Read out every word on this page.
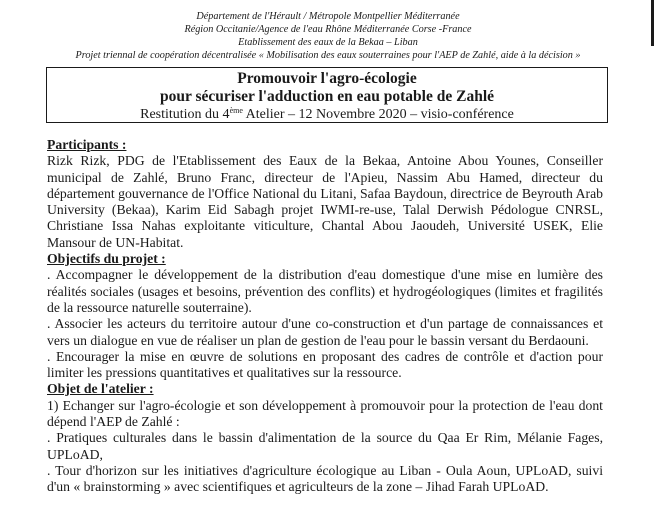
Département de l'Hérault / Métropole Montpellier Méditerranée
Région Occitanie/Agence de l'eau Rhône Méditerranée Corse -France
Etablissement des eaux de la Bekaa – Liban
Projet triennal de coopération décentralisée « Mobilisation des eaux souterraines pour l'AEP de Zahlé, aide à la décision »
Promouvoir l'agro-écologie
pour sécuriser l'adduction en eau potable de Zahlé
Restitution du 4ème Atelier – 12 Novembre 2020 – visio-conférence
Participants :
Rizk Rizk, PDG de l'Etablissement des Eaux de la Bekaa, Antoine Abou Younes, Conseiller municipal de Zahlé, Bruno Franc, directeur de l'Apieu, Nassim Abu Hamed, directeur du département gouvernance de l'Office National du Litani, Safaa Baydoun, directrice de Beyrouth Arab University (Bekaa), Karim Eid Sabagh projet IWMI-re-use, Talal Derwish Pédologue CNRSL, Christiane Issa Nahas exploitante viticulture, Chantal Abou Jaoudeh, Université USEK, Elie Mansour de UN-Habitat.
Objectifs du projet :
. Accompagner le développement de la distribution d'eau domestique d'une mise en lumière des réalités sociales (usages et besoins, prévention des conflits) et hydrogéologiques (limites et fragilités de la ressource naturelle souterraine).
. Associer les acteurs du territoire autour d'une co-construction et d'un partage de connaissances et vers un dialogue en vue de réaliser un plan de gestion de l'eau pour le bassin versant du Berdaouni.
. Encourager la mise en œuvre de solutions en proposant des cadres de contrôle et d'action pour limiter les pressions quantitatives et qualitatives sur la ressource.
Objet de l'atelier :
1) Echanger sur l'agro-écologie et son développement à promouvoir pour la protection de l'eau dont dépend l'AEP de Zahlé :
. Pratiques culturales dans le bassin d'alimentation de la source du Qaa Er Rim, Mélanie Fages, UPLoAD,
. Tour d'horizon sur les initiatives d'agriculture écologique au Liban - Oula Aoun, UPLoAD, suivi d'un « brainstorming » avec scientifiques et agriculteurs de la zone – Jihad Farah UPLoAD.
